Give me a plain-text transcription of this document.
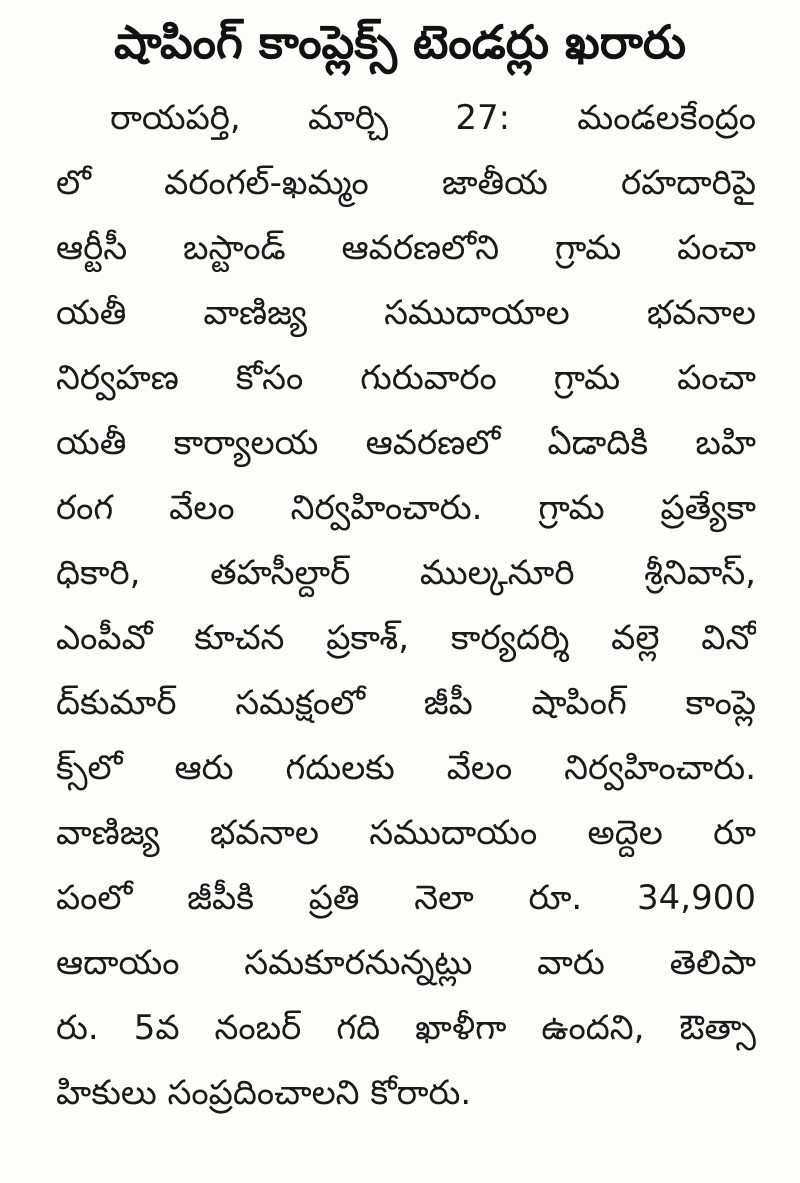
షాపింగ్ కాంప్లెక్స్ టెండర్లు ఖరారు
రాయపర్తి, మార్చి 27: మండలకేంద్రం
లో వరంగల్-ఖమ్మం జాతీయ రహదారిపై
ఆర్టీసీ బస్టాండ్ ఆవరణలోని గ్రామ పంచా
యతీ వాణిజ్య సముదాయాల భవనాల
నిర్వహణ కోసం గురువారం గ్రామ పంచా
యతీ కార్యాలయ ఆవరణలో ఏడాదికి బహి
రంగ వేలం నిర్వహించారు. గ్రామ ప్రత్యేకా
ధికారి, తహసీల్దార్ ముల్కనూరి శ్రీనివాస్,
ఎంపీవో కూచన ప్రకాశ్, కార్యదర్శి వల్లె వినో
ద్‌కుమార్ సమక్షంలో జీపీ షాపింగ్ కాంప్లె
క్స్‌లో ఆరు గదులకు వేలం నిర్వహించారు.
వాణిజ్య భవనాల సముదాయం అద్దెల రూ
పంలో జీపీకి ప్రతి నెలా రూ. 34,900
ఆదాయం సమకూరనున్నట్లు వారు తెలిపా
రు. 5వ నంబర్ గది ఖాళీగా ఉందని, ఔత్సా
హికులు సంప్రదించాలని కోరారు.
